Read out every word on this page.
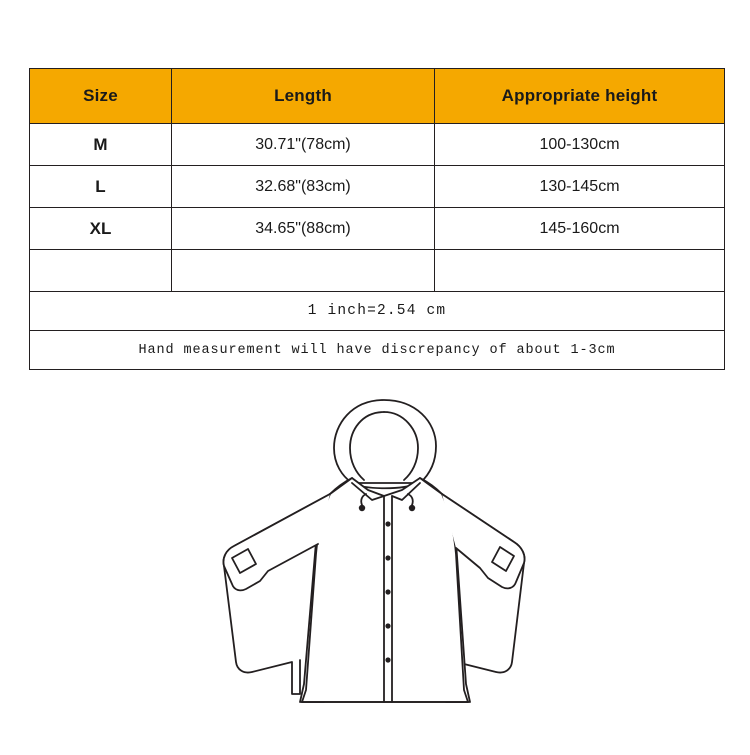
Size	Length	Appropriate height
M	30.71"(78cm)	100-130cm
L	32.68"(83cm)	130-145cm
XL	34.65"(88cm)	145-160cm

1 inch=2.54 cm		
Hand measurement will have discrepancy of about 1-3cm		
